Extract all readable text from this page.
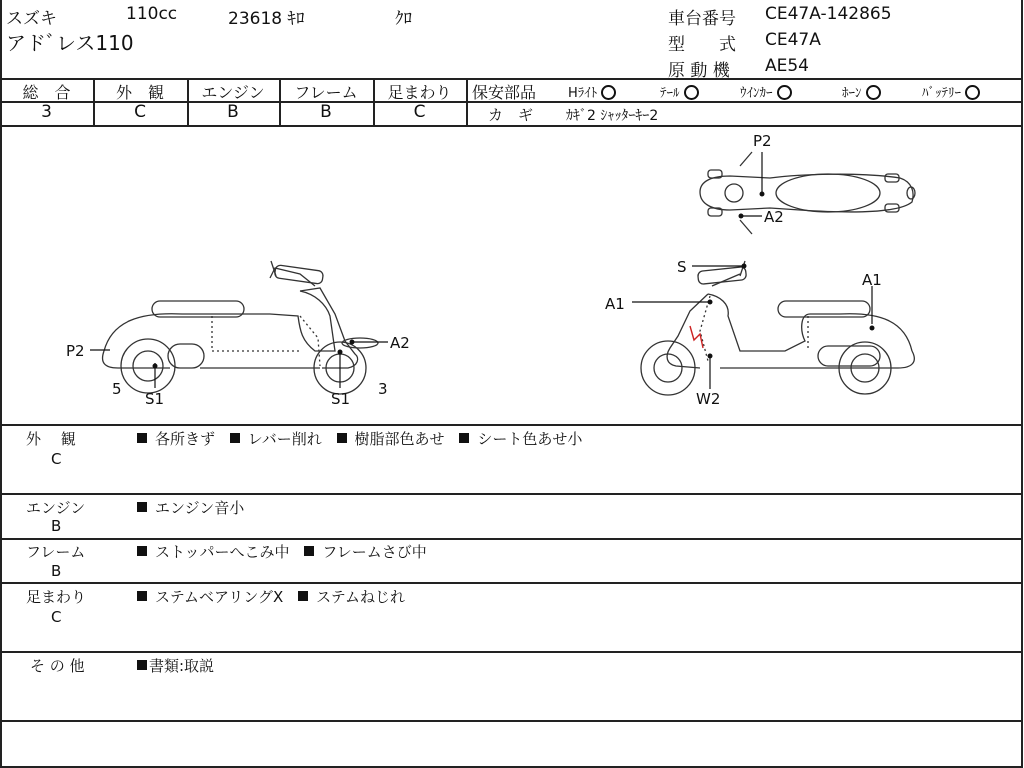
スズキ	110cc	23618 ｷﾛ	ｸﾛ
アドﾞレス110
車台番号 CE47A-142865
型　　式 CE47A
原 動 機 AE54
総　合	外　観	エンジン	フレーム	足まわり
3	C	B	B	C
保安部品 Hﾗｲﾄ	ﾃｰﾙ	ｳｲﾝｶｰ	ﾎｰﾝ	ﾊﾞｯﾃﾘｰ
カ　ギ ｶｷﾞ2 ｼｬｯﾀｰｷｰ2
P2	A2
S1	S1
5	3
S
A1
A1
W2
P2
A2
外　 観
C
各所きず レバー削れ 樹脂部色あせ シート色あせ小
エンジン
B
エンジン音小
フレーム
B
ストッパーへこみ中 フレームさび中
足まわり
C
ステムベアリングX ステムねじれ
そ の 他	書類:取説
